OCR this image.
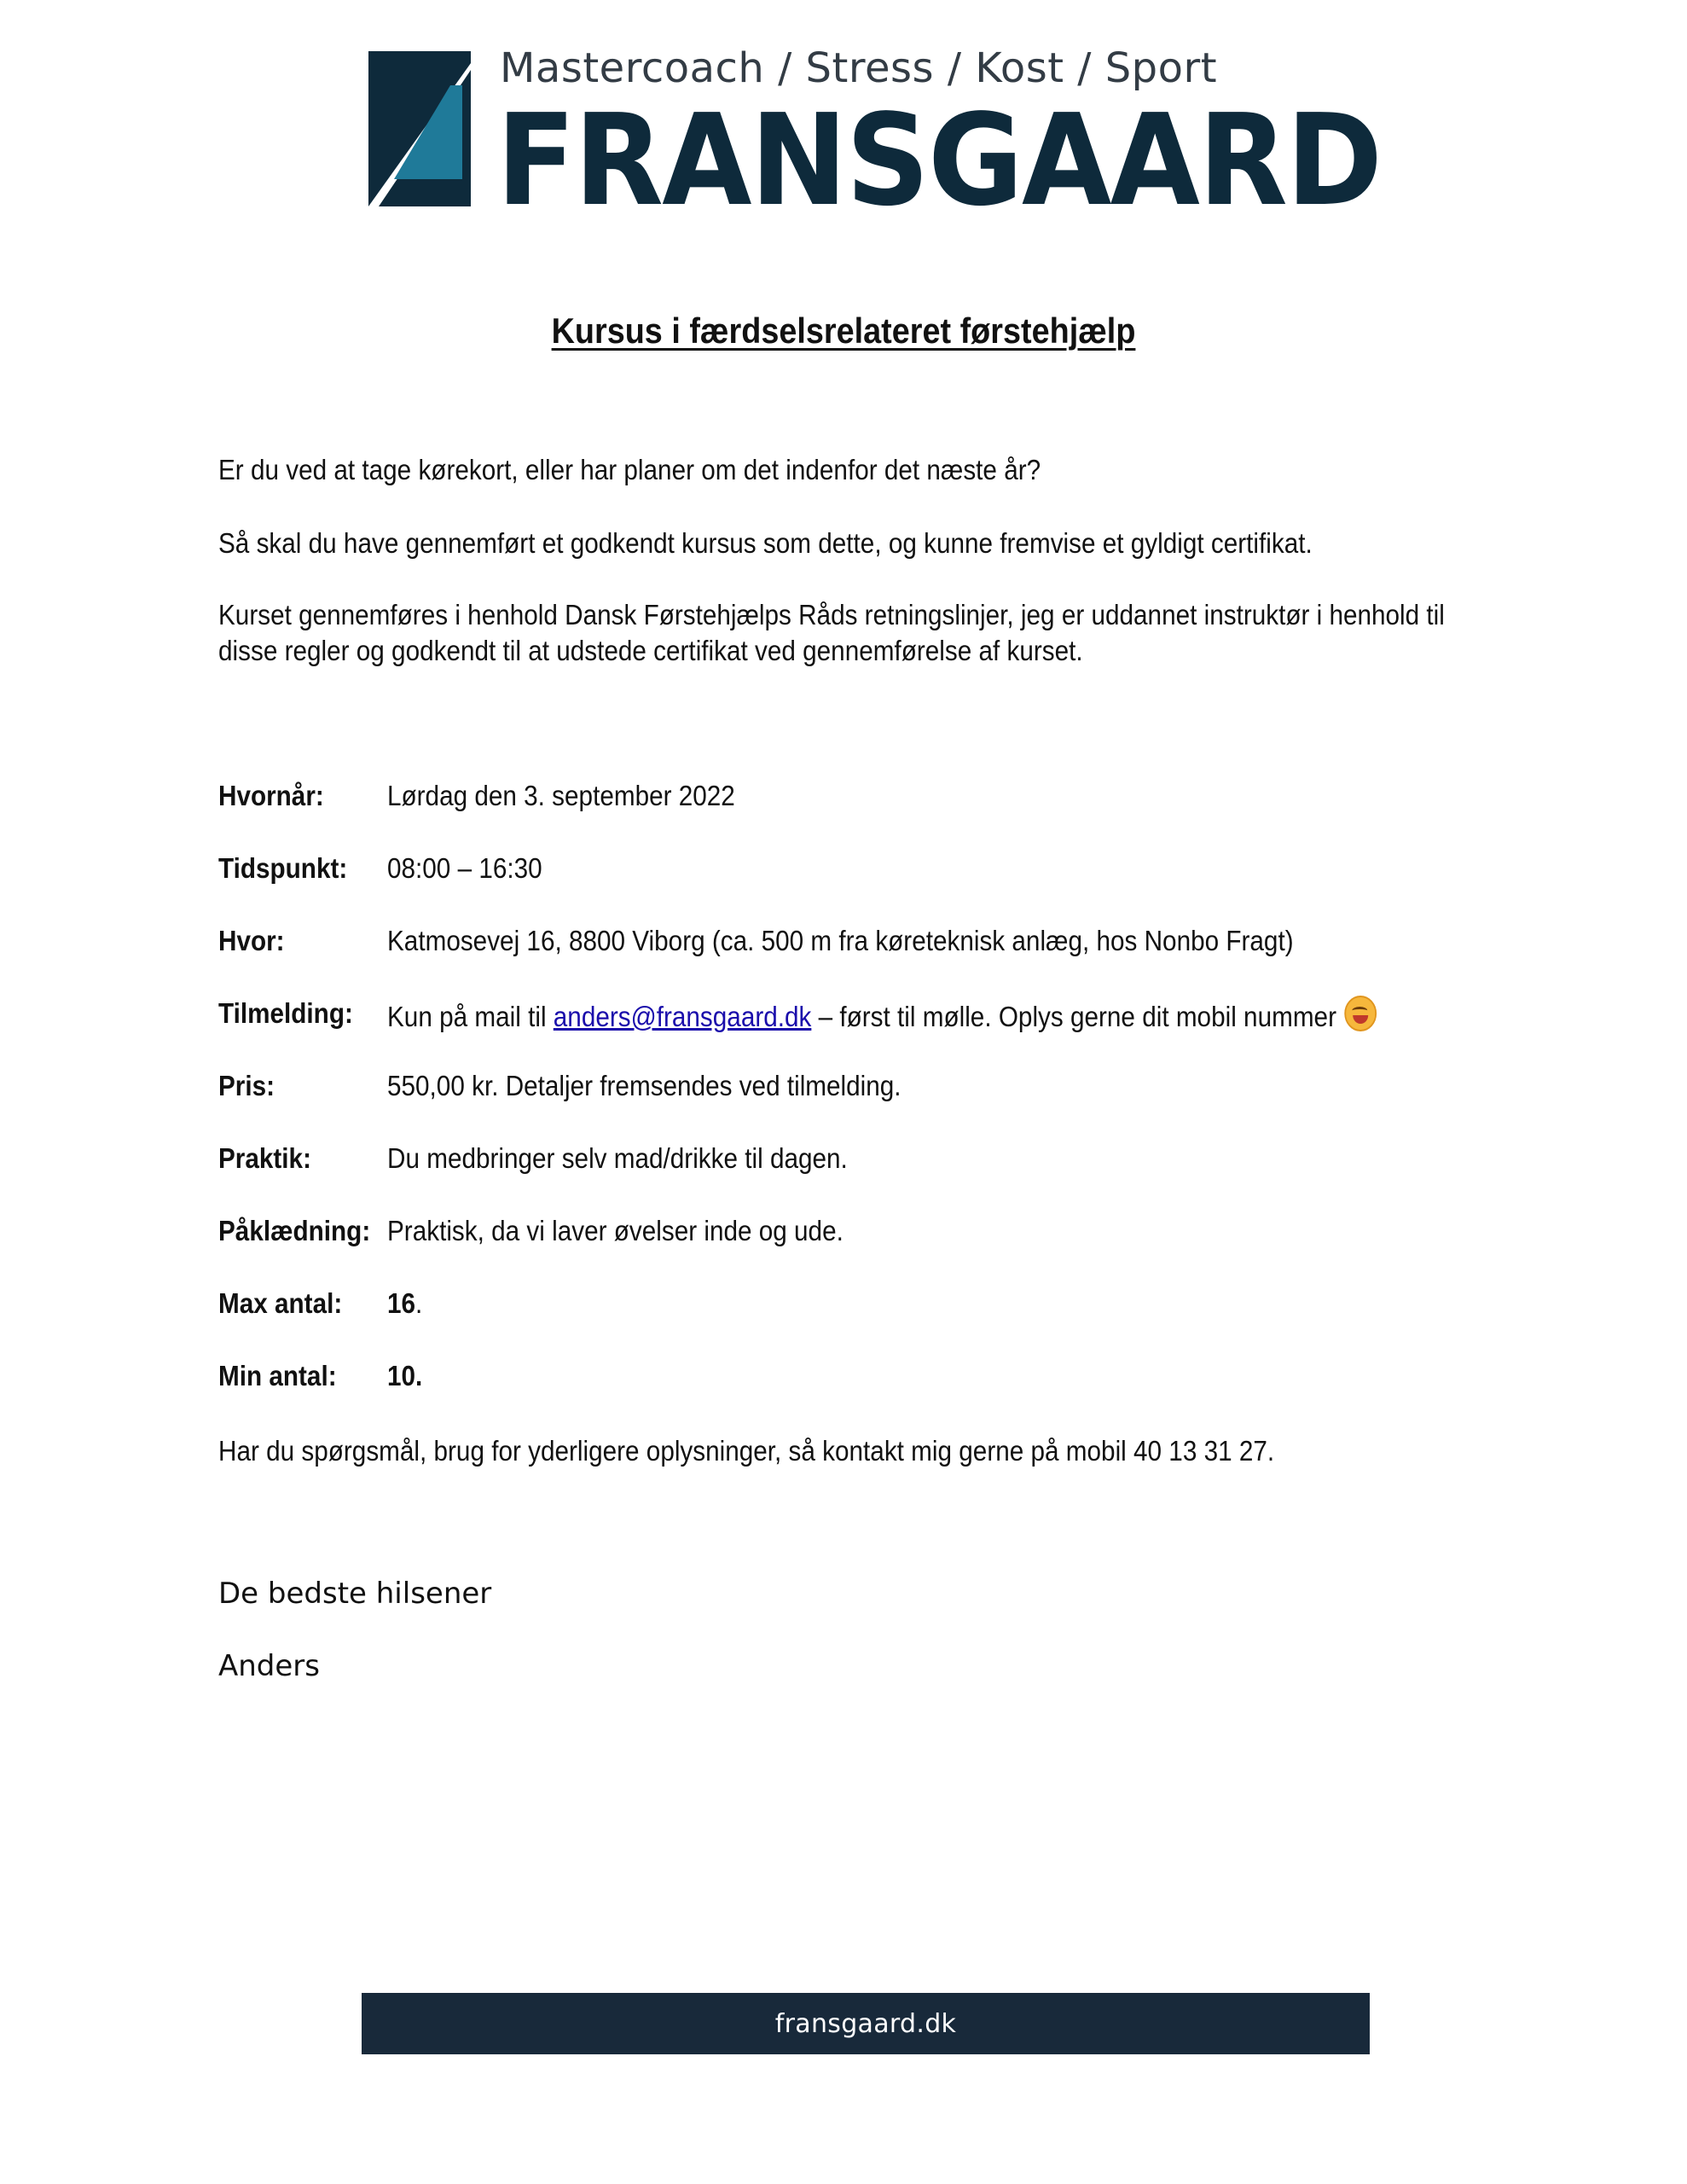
Mastercoach / Stress / Kost / Sport
FRANSGAARD
Kursus i færdselsrelateret førstehjælp
Er du ved at tage kørekort, eller har planer om det indenfor det næste år?
Så skal du have gennemført et godkendt kursus som dette, og kunne fremvise et gyldigt certifikat.

Kurset gennemføres i henhold Dansk Førstehjælps Råds retningslinjer, jeg er uddannet instruktør i henhold til

disse regler og godkendt til at udstede certifikat ved gennemførelse af kurset.

Hvornår: Lørdag den 3. september 2022
Tidspunkt: 08:00 – 16:30
Hvor:	Katmosevej 16, 8800 Viborg (ca. 500 m fra køreteknisk anlæg, hos Nonbo Fragt)
Tilmelding: Kun på mail til anders@fransgaard.dk – først til mølle. Oplys gerne dit mobil nummer
Pris:	550,00 kr. Detaljer fremsendes ved tilmelding.
Praktik:	Du medbringer selv mad/drikke til dagen.
Påklædning: Praktisk, da vi laver øvelser inde og ude.
Max antal: 16.
Min antal: 10.
Har du spørgsmål, brug for yderligere oplysninger, så kontakt mig gerne på mobil 40 13 31 27.
De bedste hilsener
Anders
fransgaard.dk
